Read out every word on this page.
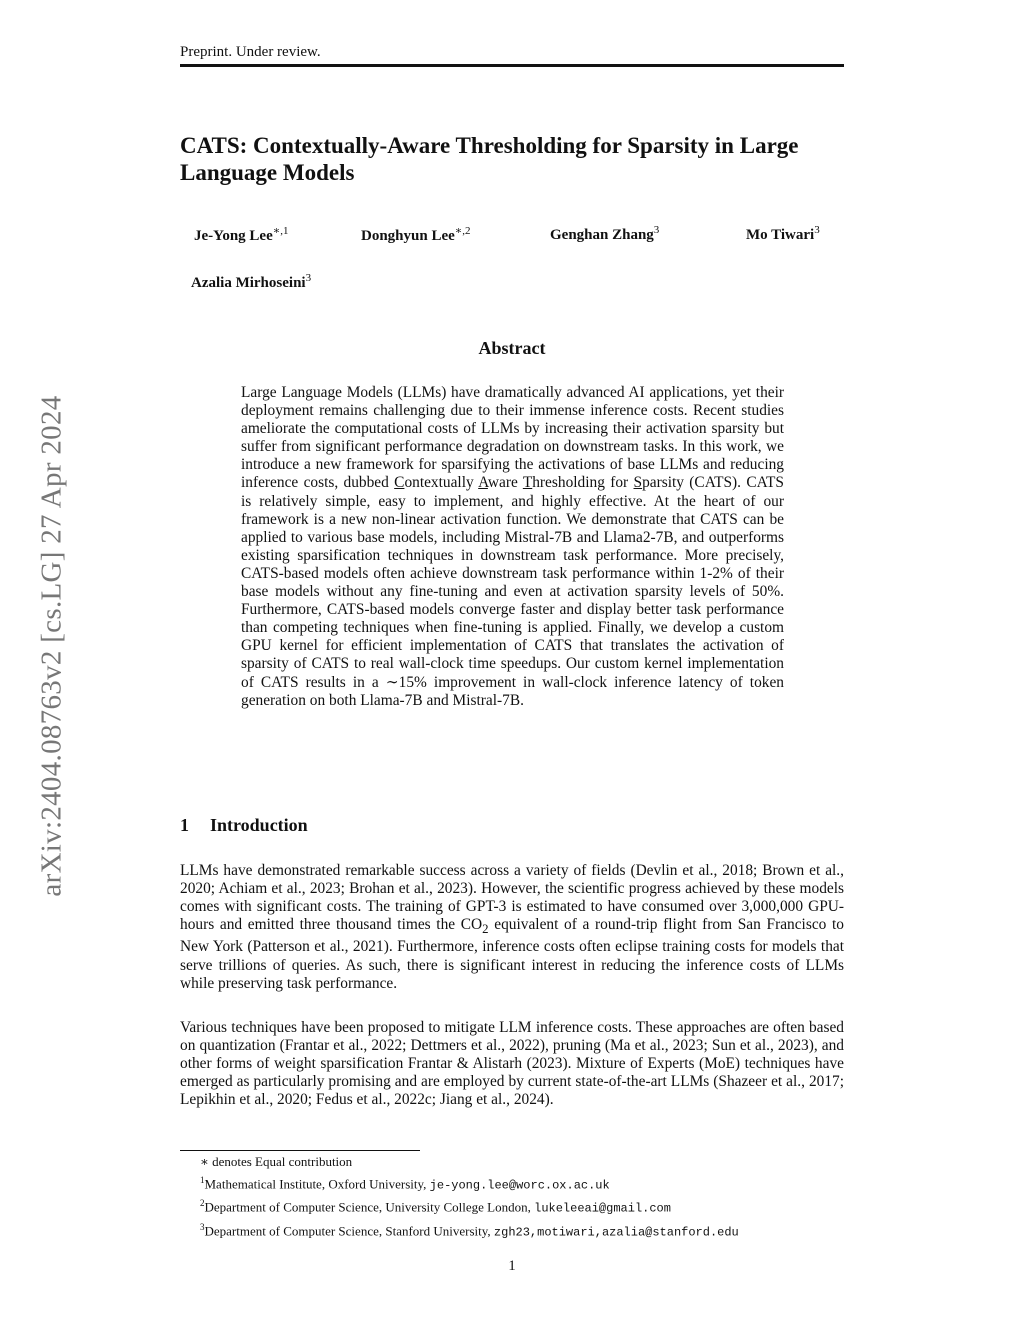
Preprint. Under review.
arXiv:2404.08763v2 [cs.LG] 27 Apr 2024
CATS: Contextually-Aware Thresholding for Sparsity in Large Language Models
Je-Yong Lee$^{∗,1}$	Donghyun Lee$^{∗,2}$	Genghan Zhang$^3$	Mo Tiwari$^3$
Azalia Mirhoseini$^3$
Abstract
Large Language Models (LLMs) have dramatically advanced AI applications, yet their deployment remains challenging due to their immense inference costs. Recent studies ameliorate the computational costs of LLMs by increasing their activation sparsity but suffer from significant performance degradation on downstream tasks. In this work, we introduce a new framework for sparsifying the activations of base LLMs and reducing inference costs, dubbed Contextually Aware Thresholding for Sparsity (CATS). CATS is relatively simple, easy to implement, and highly effective. At the heart of our framework is a new non-linear activation function. We demonstrate that CATS can be applied to various base models, including Mistral-7B and Llama2-7B, and outperforms existing sparsification techniques in downstream task performance. More precisely, CATS-based models often achieve downstream task performance within 1-2% of their base models without any fine-tuning and even at activation sparsity levels of 50%. Furthermore, CATS-based models converge faster and display better task performance than competing techniques when fine-tuning is applied. Finally, we develop a custom GPU kernel for efficient implementation of CATS that translates the activation of sparsity of CATS to real wall-clock time speedups. Our custom kernel implementation of CATS results in a ∼15% improvement in wall-clock inference latency of token generation on both Llama-7B and Mistral-7B.
1 Introduction
LLMs have demonstrated remarkable success across a variety of fields (Devlin et al., 2018; Brown et al., 2020; Achiam et al., 2023; Brohan et al., 2023). However, the scientific progress achieved by these models comes with significant costs. The training of GPT-3 is estimated to have consumed over 3,000,000 GPU-hours and emitted three thousand times the $CO_2$ equivalent of a round-trip flight from San Francisco to New York (Patterson et al., 2021). Furthermore, inference costs often eclipse training costs for models that serve trillions of queries. As such, there is significant interest in reducing the inference costs of LLMs while preserving task performance.
Various techniques have been proposed to mitigate LLM inference costs. These approaches are often based on quantization (Frantar et al., 2022; Dettmers et al., 2022), pruning (Ma et al., 2023; Sun et al., 2023), and other forms of weight sparsification Frantar & Alistarh (2023). Mixture of Experts (MoE) techniques have emerged as particularly promising and are employed by current state-of-the-art LLMs (Shazeer et al., 2017; Lepikhin et al., 2020; Fedus et al., 2022c; Jiang et al., 2024).
∗ denotes Equal contribution
$^1$Mathematical Institute, Oxford University, je-yong.lee@worc.ox.ac.uk
$^2$Department of Computer Science, University College London, lukeleeai@gmail.com
$^3$Department of Computer Science, Stanford University, zgh23,motiwari,azalia@stanford.edu
1
